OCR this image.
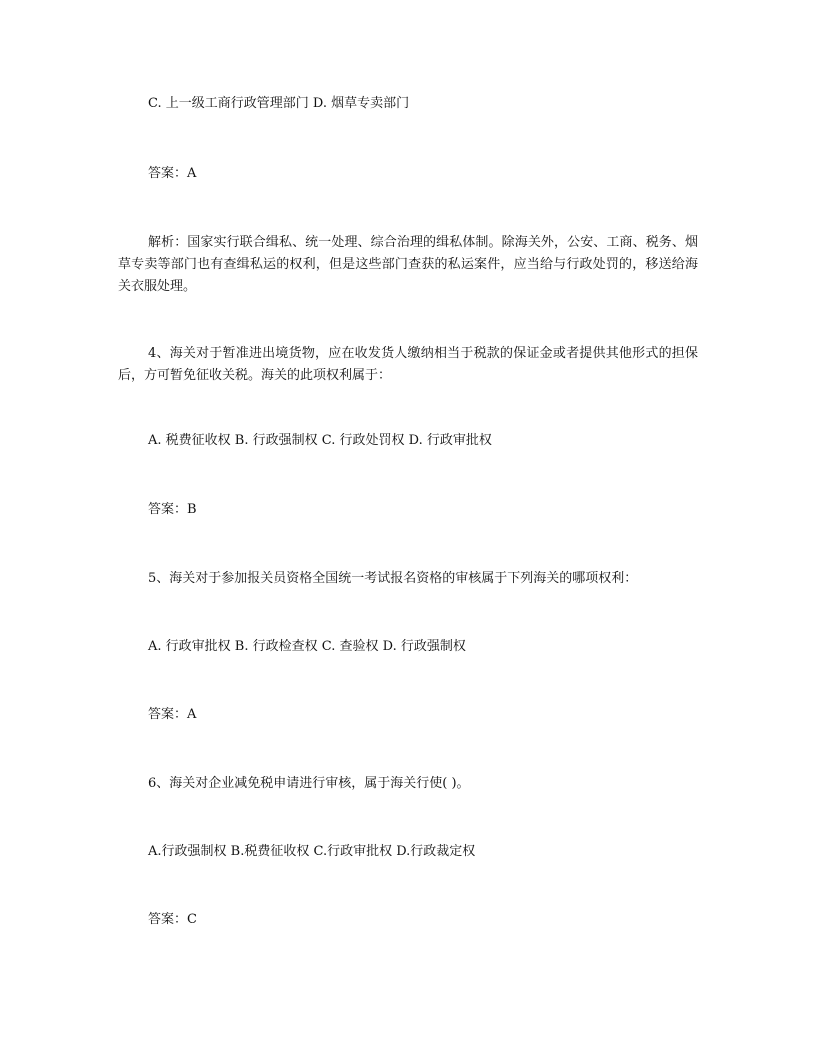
C. 上一级工商行政管理部门 D. 烟草专卖部门
答案：A
解析：国家实行联合缉私、统一处理、综合治理的缉私体制。除海关外，公安、工商、税务、烟草专卖等部门也有查缉私运的权利，但是这些部门查获的私运案件，应当给与行政处罚的，移送给海关衣服处理。
4、海关对于暂准进出境货物，应在收发货人缴纳相当于税款的保证金或者提供其他形式的担保后，方可暂免征收关税。海关的此项权利属于：
A. 税费征收权 B. 行政强制权 C. 行政处罚权 D. 行政审批权
答案：B
5、海关对于参加报关员资格全国统一考试报名资格的审核属于下列海关的哪项权利：
A. 行政审批权 B. 行政检查权 C. 查验权 D. 行政强制权
答案：A
6、海关对企业减免税申请进行审核，属于海关行使( )。
A.行政强制权 B.税费征收权 C.行政审批权 D.行政裁定权
答案：C
